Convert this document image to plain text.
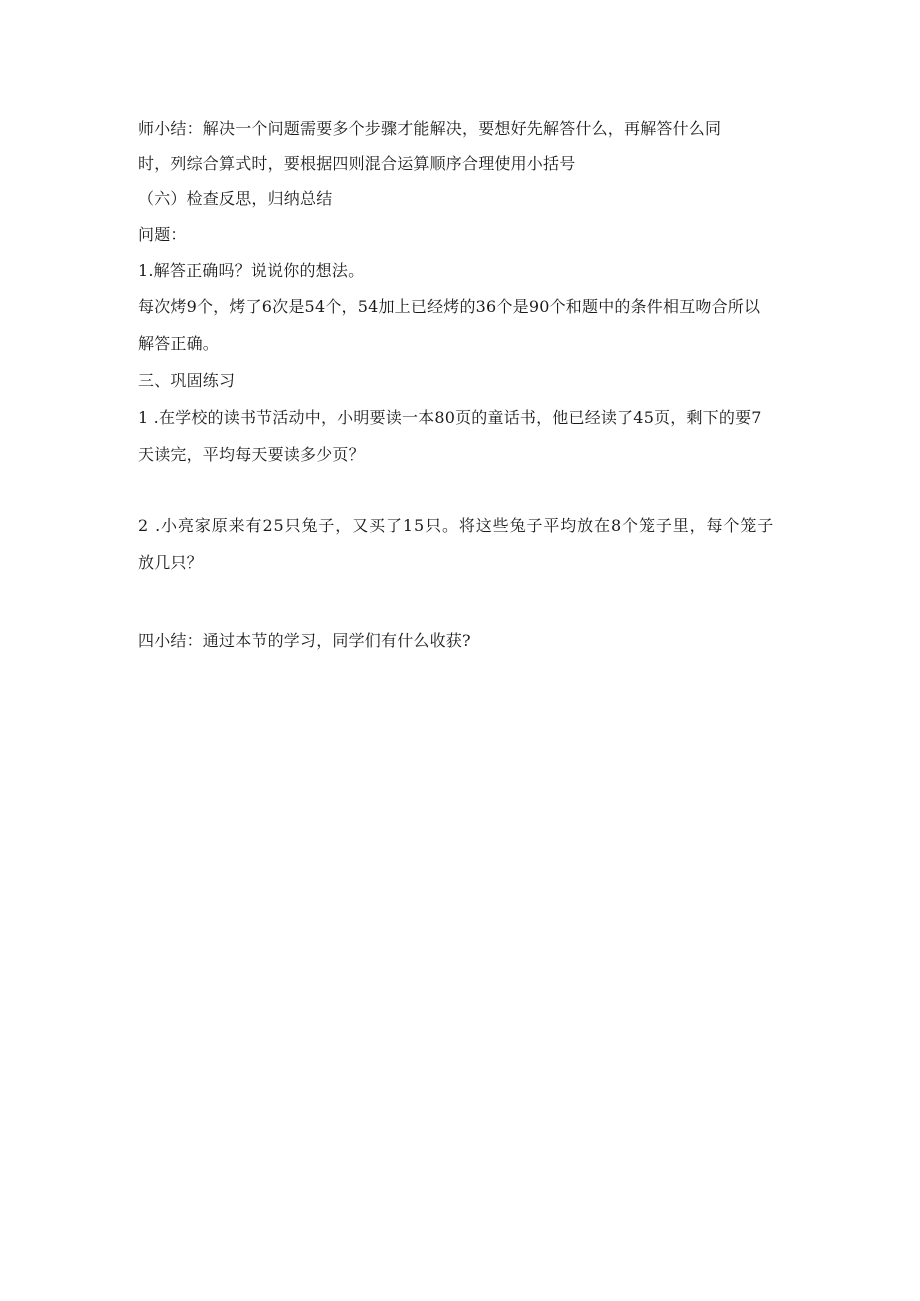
师小结：解决一个问题需要多个步骤才能解决，要想好先解答什么，再解答什么同
时，列综合算式时，要根据四则混合运算顺序合理使用小括号
（六）检查反思，归纳总结
问题：
1.解答正确吗？说说你的想法。
每次烤9个，烤了6次是54个，54加上已经烤的36个是90个和题中的条件相互吻合所以
解答正确。
三、巩固练习
1 .在学校的读书节活动中，小明要读一本80页的童话书，他已经读了45页，剩下的要7
天读完，平均每天要读多少页？
2 .小亮家原来有25只兔子，又买了15只。将这些兔子平均放在8个笼子里，每个笼子
放几只？
四小结：通过本节的学习，同学们有什么收获?
